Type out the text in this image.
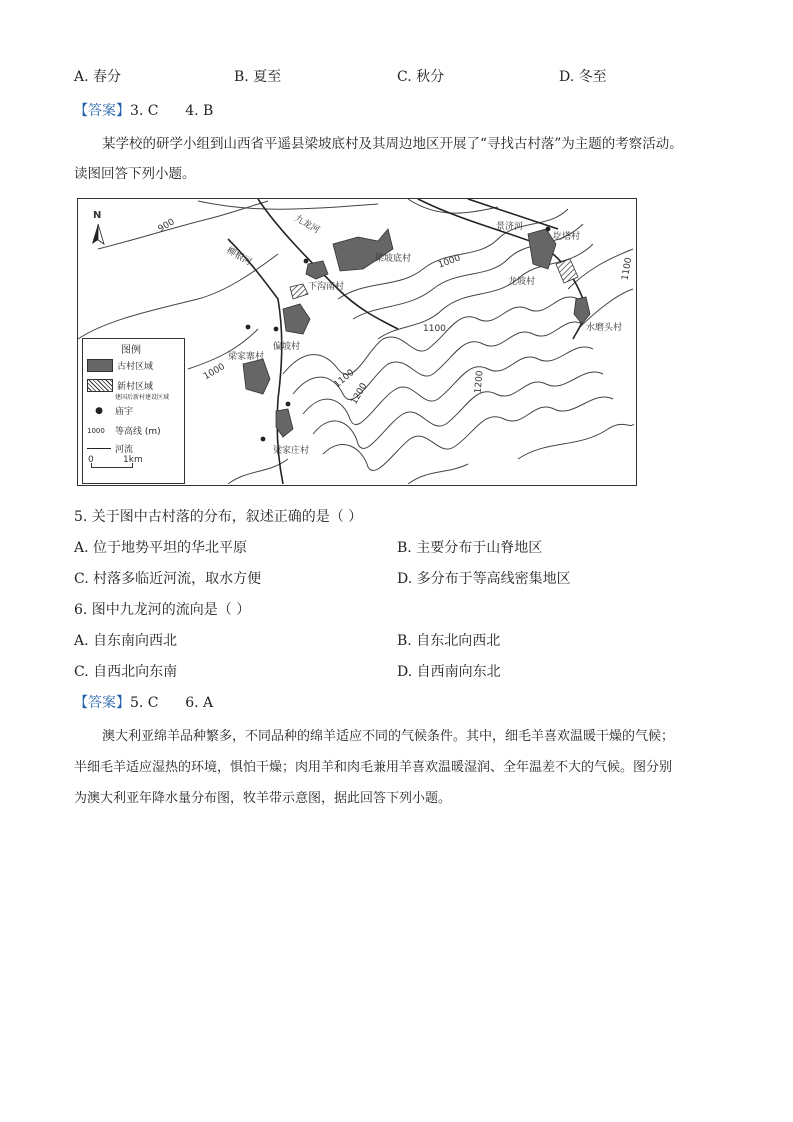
A. 春分	B. 夏至	C. 秋分	D. 冬至
【答案】3. C      4. B
某学校的研学小组到山西省平遥县梁坡底村及其周边地区开展了“寻找古村落”为主题的考察活动。
读图回答下列小题。
N
900	九龙河
梁坡底村
下沟南村
柳根河
偏坡村
梁家寨村
梁家庄村
景济河
圪塔村
龙坡村
水磨头村
1000
1000
1100
1100
1100
1200	1200
图例
古村区域
新村区域
建国后新村建设区域
●	庙宇
1000	等高线 (m)
河流
0	1km
5. 关于图中古村落的分布，叙述正确的是（ ）
A. 位于地势平坦的华北平原	B. 主要分布于山脊地区
C. 村落多临近河流，取水方便	D. 多分布于等高线密集地区
6. 图中九龙河的流向是（ ）
A. 自东南向西北	B. 自东北向西北
C. 自西北向东南	D. 自西南向东北
【答案】5. C      6. A
澳大利亚绵羊品种繁多，不同品种的绵羊适应不同的气候条件。其中，细毛羊喜欢温暖干燥的气候；
半细毛羊适应湿热的环境，惧怕干燥；肉用羊和肉毛兼用羊喜欢温暖湿润、全年温差不大的气候。图分别
为澳大利亚年降水量分布图，牧羊带示意图，据此回答下列小题。
